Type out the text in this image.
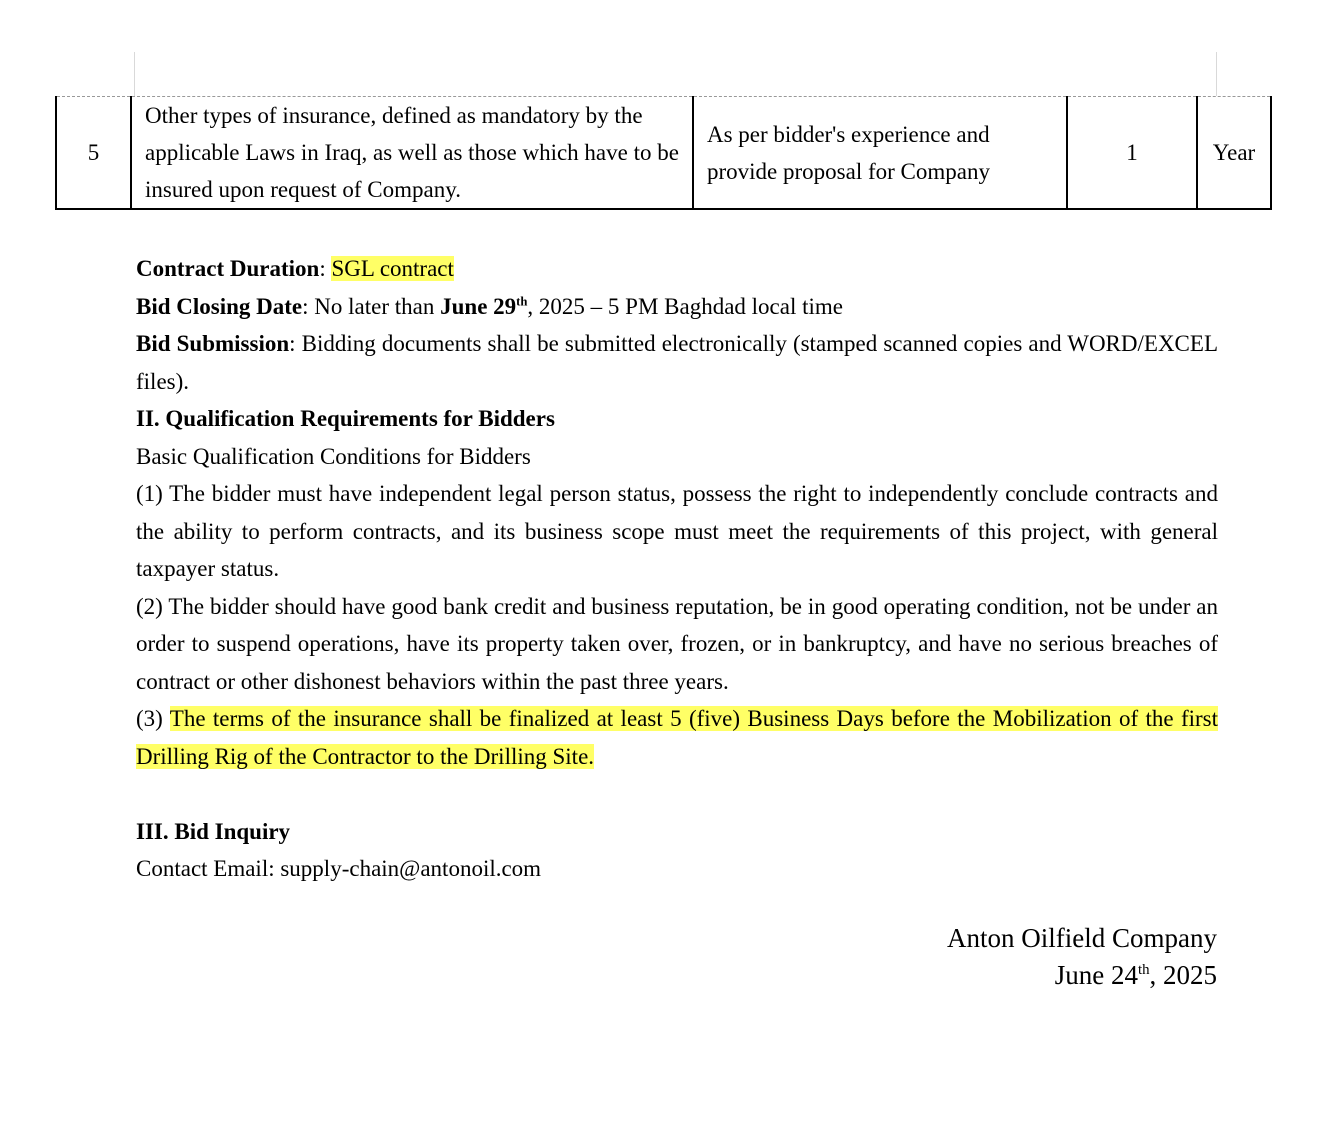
5	Other types of insurance, defined as mandatory by the applicable Laws in Iraq, as well as those which have to be insured upon request of Company.	As per bidder's experience and provide proposal for Company	1	Year

Contract Duration: SGL contract

Bid Closing Date: No later than June 29th, 2025 – 5 PM Baghdad local time

Bid Submission: Bidding documents shall be submitted electronically (stamped scanned copies and WORD/EXCEL files).

II. Qualification Requirements for Bidders

Basic Qualification Conditions for Bidders

(1) The bidder must have independent legal person status, possess the right to independently conclude contracts and the ability to perform contracts, and its business scope must meet the requirements of this project, with general taxpayer status.

(2) The bidder should have good bank credit and business reputation, be in good operating condition, not be under an order to suspend operations, have its property taken over, frozen, or in bankruptcy, and have no serious breaches of contract or other dishonest behaviors within the past three years.

(3) The terms of the insurance shall be finalized at least 5 (five) Business Days before the Mobilization of the first Drilling Rig of the Contractor to the Drilling Site.

III. Bid Inquiry

Contact Email: supply-chain@antonoil.com

Anton Oilfield Company
June 24th, 2025
